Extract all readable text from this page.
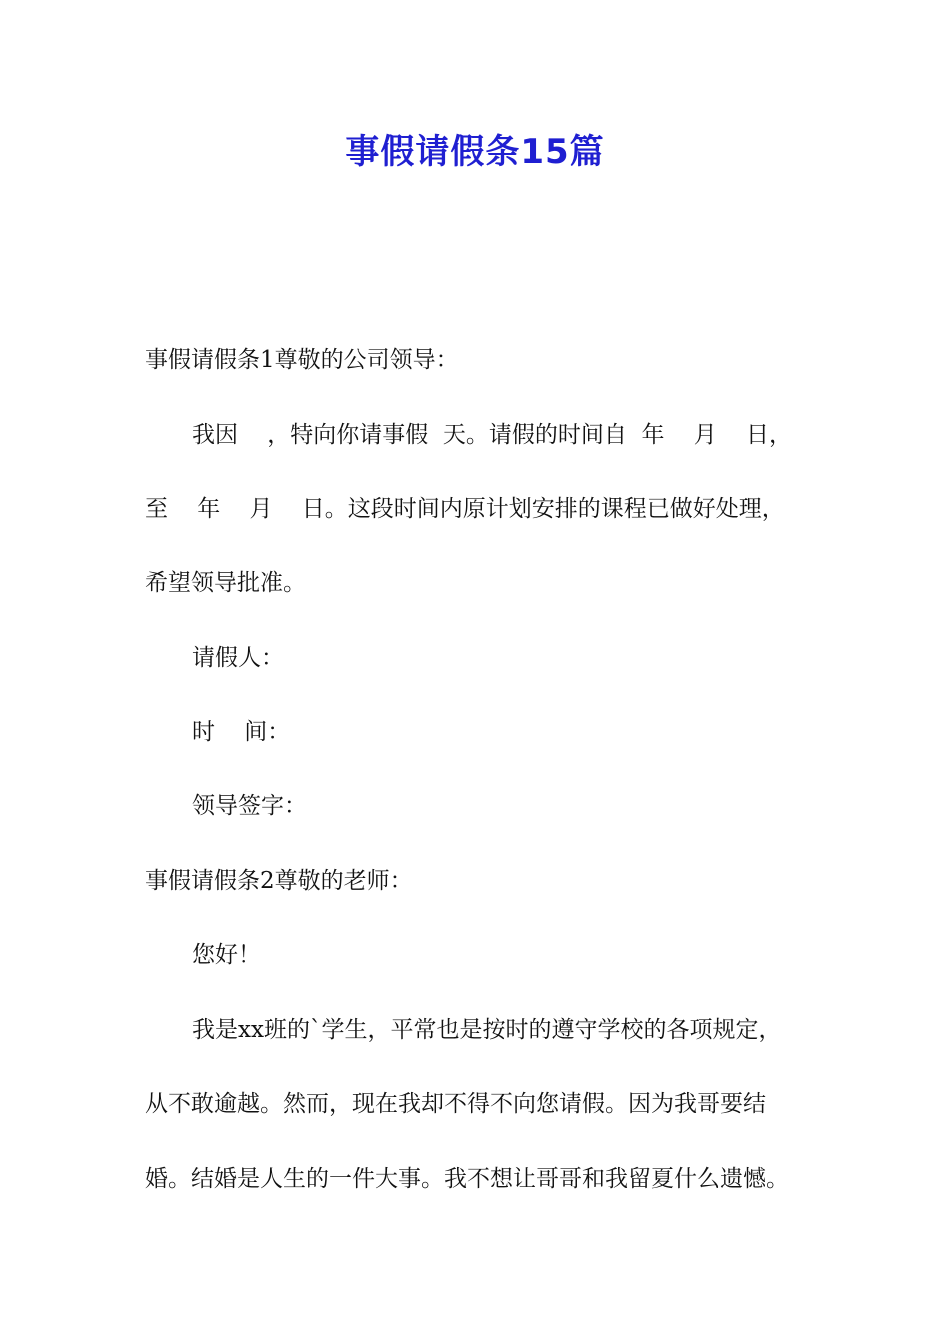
事假请假条15篇
事假请假条1尊敬的公司领导：
我因    ，特向你请事假  天。请假的时间自  年    月    日，
至    年    月    日。这段时间内原计划安排的课程已做好处理，
希望领导批准。
请假人：
时    间：
领导签字：
事假请假条2尊敬的老师：
您好！
我是xx班的`学生，平常也是按时的遵守学校的各项规定，
从不敢逾越。然而，现在我却不得不向您请假。因为我哥要结
婚。结婚是人生的一件大事。我不想让哥哥和我留夏什么遗憾。
